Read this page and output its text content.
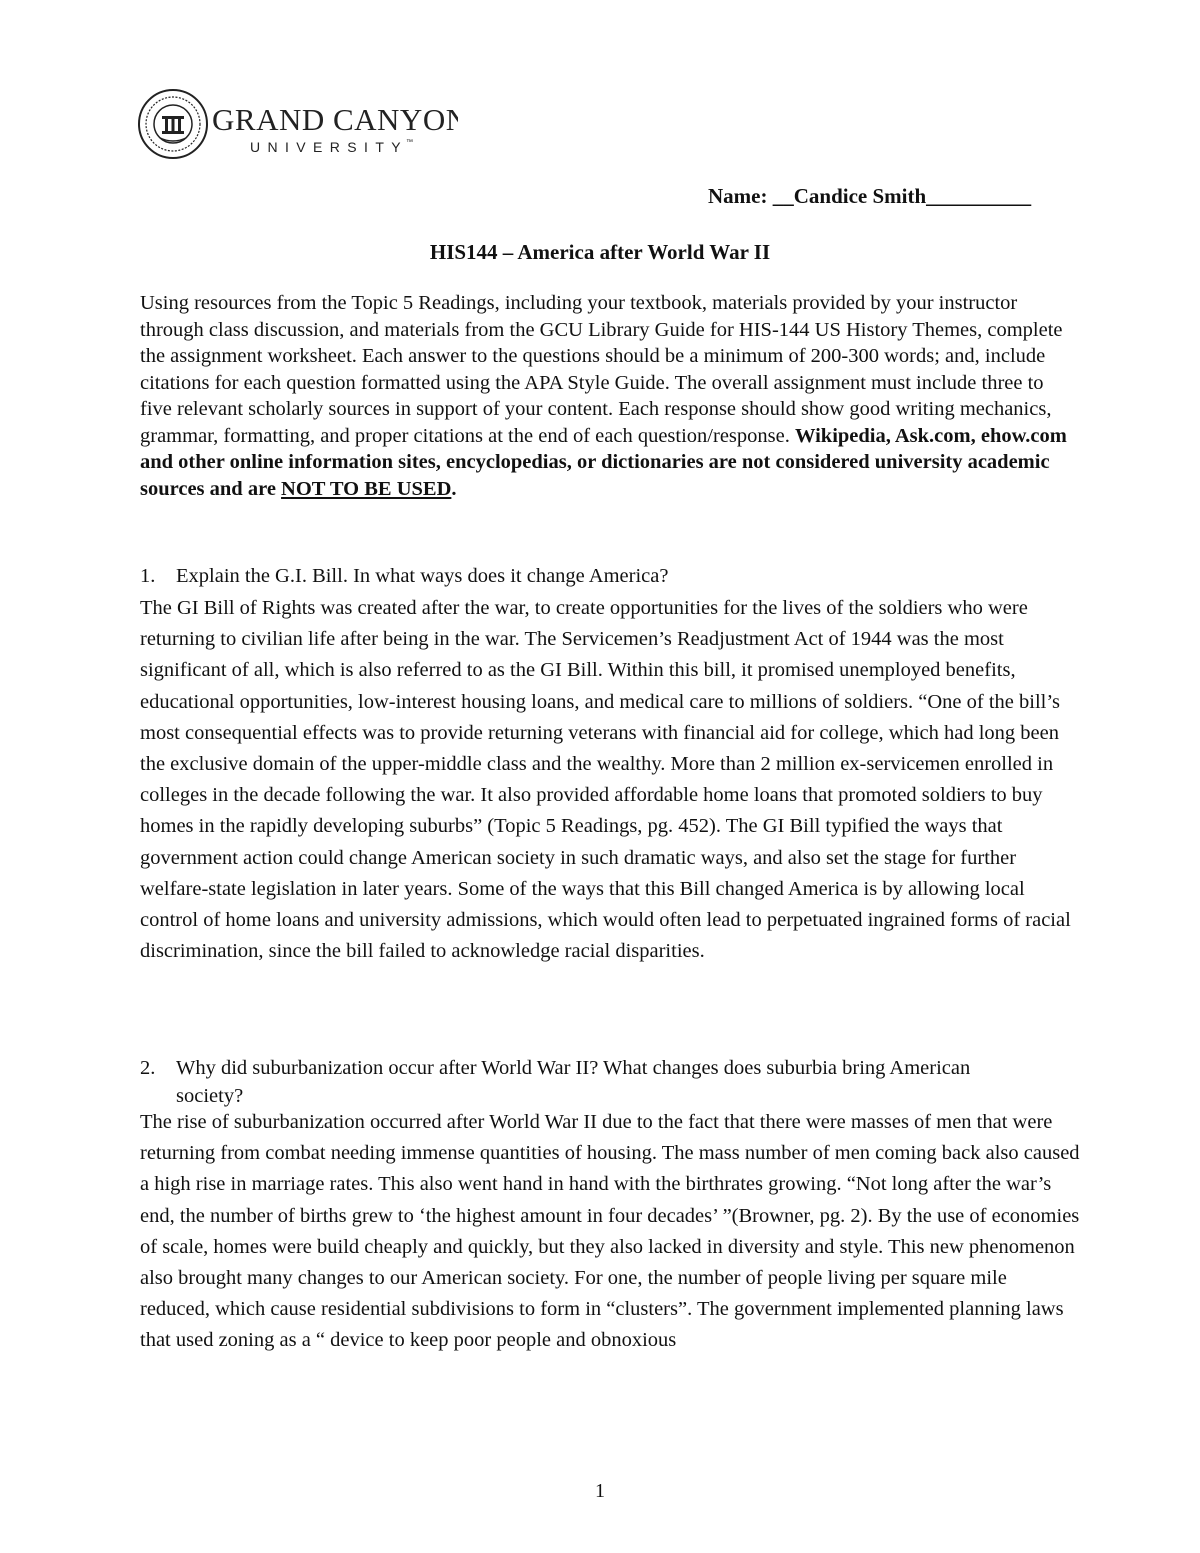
GRAND CANYON
UNIVERSITY
™
Name: __Candice Smith__________
HIS144 – America after World War II

Using resources from the Topic 5 Readings, including your textbook, materials provided by your instructor through class discussion, and materials from the GCU Library Guide for HIS-144 US History Themes, complete the assignment worksheet. Each answer to the questions should be a minimum of 200-300 words; and, include citations for each question formatted using the APA Style Guide. The overall assignment must include three to five relevant scholarly sources in support of your content. Each response should show good writing mechanics, grammar, formatting, and proper citations at the end of each question/response. Wikipedia, Ask.com, ehow.com and other online information sites, encyclopedias, or dictionaries are not considered university academic sources and are NOT TO BE USED.

1. Explain the G.I. Bill. In what ways does it change America?

The GI Bill of Rights was created after the war, to create opportunities for the lives of the soldiers who were returning to civilian life after being in the war. The Servicemen’s Readjustment Act of 1944 was the most significant of all, which is also referred to as the GI Bill. Within this bill, it promised unemployed benefits, educational opportunities, low-interest housing loans, and medical care to millions of soldiers. “One of the bill’s most consequential effects was to provide returning veterans with financial aid for college, which had long been the exclusive domain of the upper-middle class and the wealthy. More than 2 million ex-servicemen enrolled in colleges in the decade following the war. It also provided affordable home loans that promoted soldiers to buy homes in the rapidly developing suburbs” (Topic 5 Readings, pg. 452). The GI Bill typified the ways that government action could change American society in such dramatic ways, and also set the stage for further welfare-state legislation in later years. Some of the ways that this Bill changed America is by allowing local control of home loans and university admissions, which would often lead to perpetuated ingrained forms of racial discrimination, since the bill failed to acknowledge racial disparities.

2.	Why did suburbanization occur after World War II? What changes does suburbia bring American society?

The rise of suburbanization occurred after World War II due to the fact that there were masses of men that were returning from combat needing immense quantities of housing. The mass number of men coming back also caused a high rise in marriage rates. This also went hand in hand with the birthrates growing. “Not long after the war’s end, the number of births grew to ‘the highest amount in four decades’ ”(Browner, pg. 2). By the use of economies of scale, homes were build cheaply and quickly, but they also lacked in diversity and style. This new phenomenon also brought many changes to our American society. For one, the number of people living per square mile reduced, which cause residential subdivisions to form in “clusters”. The government implemented planning laws that used zoning as a “ device to keep poor people and obnoxious

1
